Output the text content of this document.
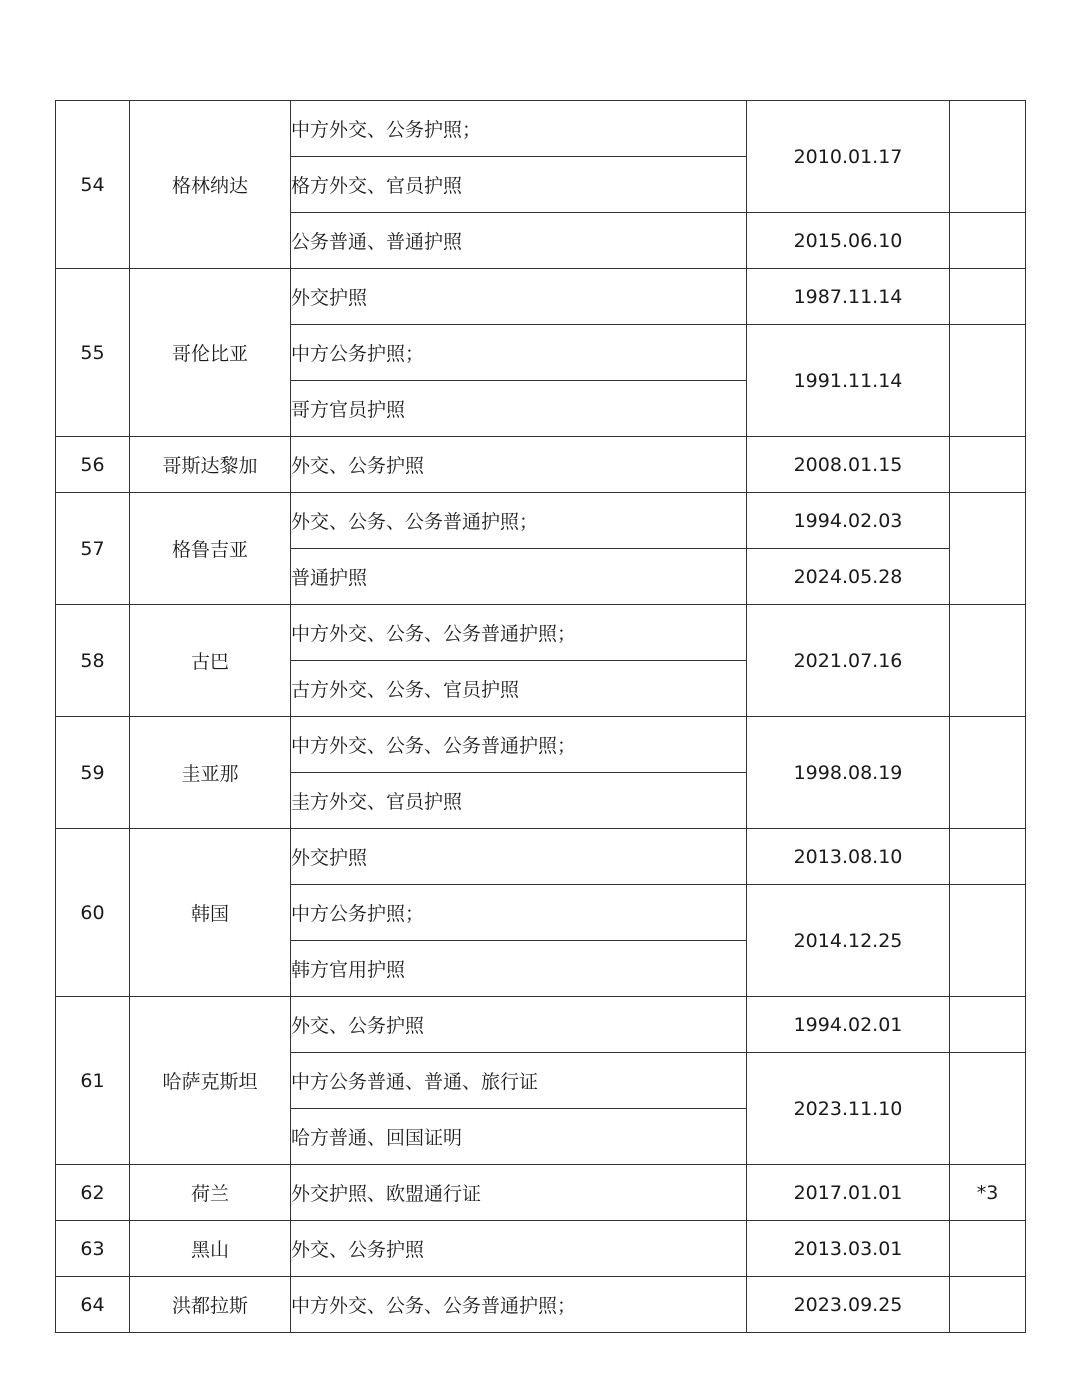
54	格林纳达	中方外交、公务护照；	2010.01.17	
		格方外交、官员护照		
		公务普通、普通护照	2015.06.10	
55	哥伦比亚	外交护照	1987.11.14	
		中方公务护照；	1991.11.14	
		哥方官员护照		
56	哥斯达黎加	外交、公务护照	2008.01.15	
57	格鲁吉亚	外交、公务、公务普通护照；	1994.02.03	
		普通护照	2024.05.28	
58	古巴	中方外交、公务、公务普通护照；	2021.07.16	
		古方外交、公务、官员护照		
59	圭亚那	中方外交、公务、公务普通护照；	1998.08.19	
		圭方外交、官员护照		
60	韩国	外交护照	2013.08.10	
		中方公务护照；	2014.12.25	
		韩方官用护照		
61	哈萨克斯坦	外交、公务护照	1994.02.01	
		中方公务普通、普通、旅行证	2023.11.10	
		哈方普通、回国证明		
62	荷兰	外交护照、欧盟通行证	2017.01.01	*3
63	黑山	外交、公务护照	2013.03.01	
64	洪都拉斯	中方外交、公务、公务普通护照；	2023.09.25	
